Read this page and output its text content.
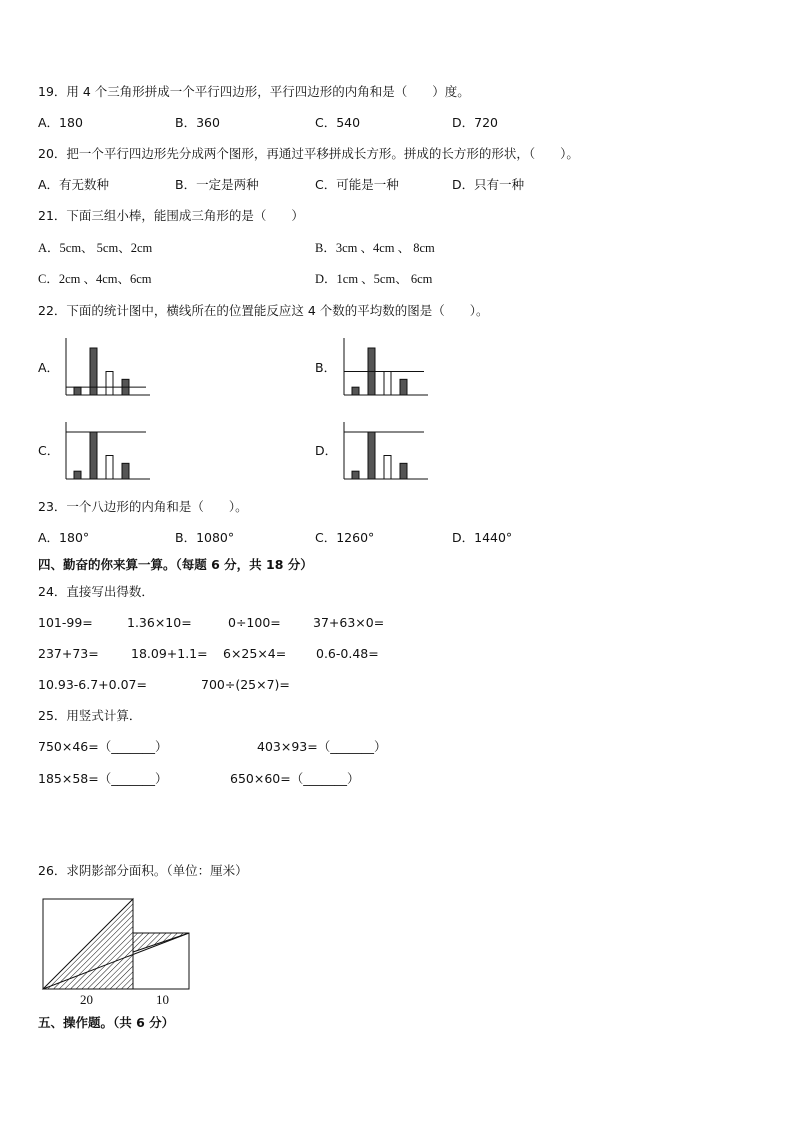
19．用 4 个三角形拼成一个平行四边形，平行四边形的内角和是（　　）度。
A．180	B．360	C．540	D．720
20．把一个平行四边形先分成两个图形，再通过平移拼成长方形。拼成的长方形的形状，（　　）。
A．有无数种	B．一定是两种	C．可能是一种	D．只有一种
21．下面三组小棒，能围成三角形的是（　　）
A．5cm、 5cm、2cm	B．3cm 、4cm 、 8cm
C．2cm 、4cm、6cm	D．1cm 、5cm、 6cm
22．下面的统计图中，横线所在的位置能反应这 4 个数的平均数的图是（　　）。
A．	B．
C．	D．
23．一个八边形的内角和是（　　）。
A．180°	B．1080°	C．1260°	D．1440°
四、勤奋的你来算一算。（每题 6 分，共 18 分）
24．直接写出得数．
101-99=	1.36×10=	0÷100=	37+63×0=
237+73=	18.09+1.1= 6×25×4= 0.6-0.48=
10.93-6.7+0.07=	700÷(25×7)=
25．用竖式计算．
750×46=（_______）	403×93=（_______）
185×58=（_______）	650×60=（_______）
26．求阴影部分面积。（单位：厘米）
20	10
五、操作题。（共 6 分）
